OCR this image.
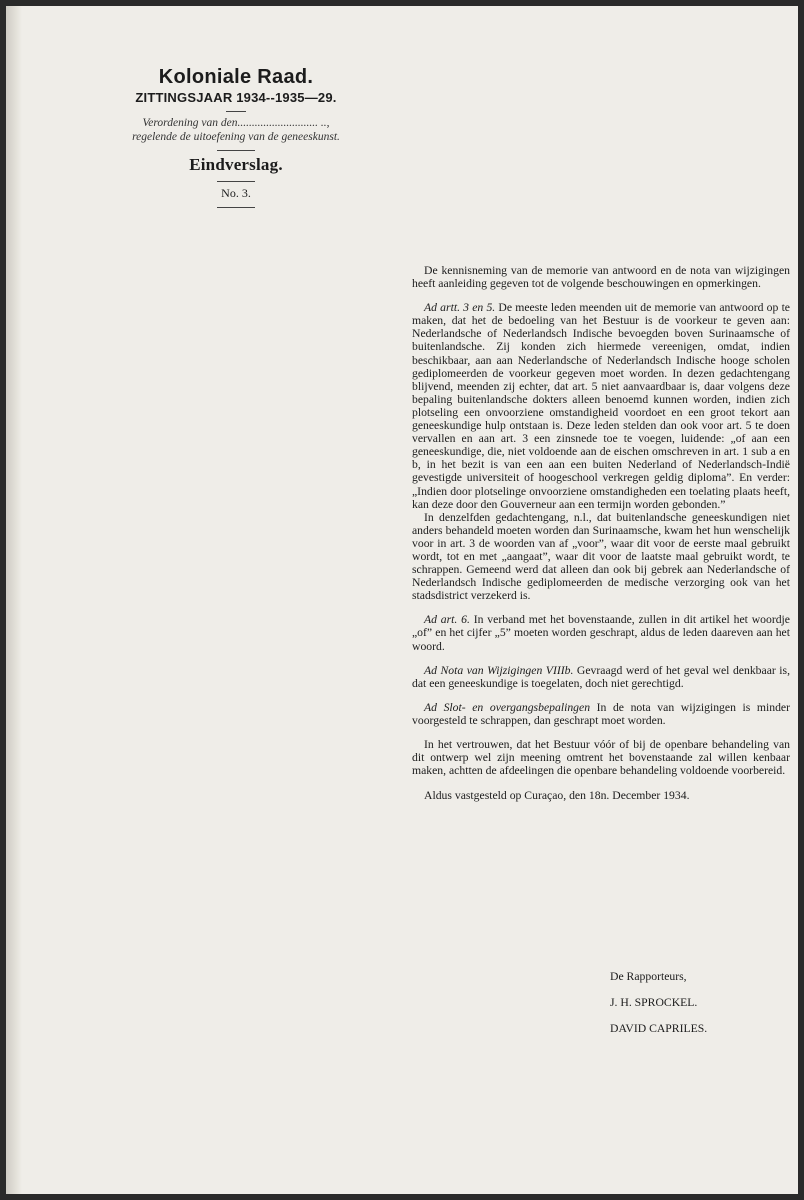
Koloniale Raad.
ZITTINGSJAAR 1934--1935—29.
Verordening van den............................ ..,
regelende de uitoefening van de geneeskunst.
Eindverslag.
No. 3.

De kennisneming van de memorie van antwoord en de nota van wijzigingen heeft aanleiding gegeven tot de volgende beschouwingen en opmerkingen.

Ad artt. 3 en 5. De meeste leden meenden uit de memorie van antwoord op te maken, dat het de bedoeling van het Bestuur is de voorkeur te geven aan: Nederlandsche of Nederlandsch Indische bevoegden boven Surinaamsche of buitenlandsche. Zij konden zich hiermede vereenigen, omdat, indien beschikbaar, aan aan Nederlandsche of Nederlandsch Indische hooge scholen gediplomeerden de voorkeur gegeven moet worden. In dezen gedachtengang blijvend, meenden zij echter, dat art. 5 niet aanvaardbaar is, daar volgens deze bepaling buitenlandsche dokters alleen benoemd kunnen worden, indien zich plotseling een onvoorziene omstandigheid voordoet en een groot tekort aan geneeskundige hulp ontstaan is. Deze leden stelden dan ook voor art. 5 te doen vervallen en aan art. 3 een zinsnede toe te voegen, luidende: „of aan een geneeskundige, die, niet voldoende aan de eischen omschreven in art. 1 sub a en b, in het bezit is van een aan een buiten Nederland of Nederlandsch-Indië gevestigde universiteit of hoogeschool verkregen geldig diploma”. En verder: „Indien door plotselinge onvoorziene omstandigheden een toelating plaats heeft, kan deze door den Gouverneur aan een termijn worden gebonden.”

In denzelfden gedachtengang, n.l., dat buitenlandsche geneeskundigen niet anders behandeld moeten worden dan Surinaamsche, kwam het hun wenschelijk voor in art. 3 de woorden van af „voor”, waar dit voor de eerste maal gebruikt wordt, tot en met „aangaat”, waar dit voor de laatste maal gebruikt wordt, te schrappen. Gemeend werd dat alleen dan ook bij gebrek aan Nederlandsche of Nederlandsch Indische gediplomeerden de medische verzorging ook van het stadsdistrict verzekerd is.

Ad art. 6. In verband met het bovenstaande, zullen in dit artikel het woordje „of” en het cijfer „5” moeten worden geschrapt, aldus de leden daareven aan het woord.

Ad Nota van Wijzigingen VIIIb. Gevraagd werd of het geval wel denkbaar is, dat een geneeskundige is toegelaten, doch niet gerechtigd.

Ad Slot- en overgangsbepalingen In de nota van wijzigingen is minder voorgesteld te schrappen, dan geschrapt moet worden.

In het vertrouwen, dat het Bestuur vóór of bij de openbare behandeling van dit ontwerp wel zijn meening omtrent het bovenstaande zal willen kenbaar maken, achtten de afdeelingen die openbare behandeling voldoende voorbereid.

Aldus vastgesteld op Curaçao, den 18n. December 1934.
De Rapporteurs,
J. H. SPROCKEL.
DAVID CAPRILES.
